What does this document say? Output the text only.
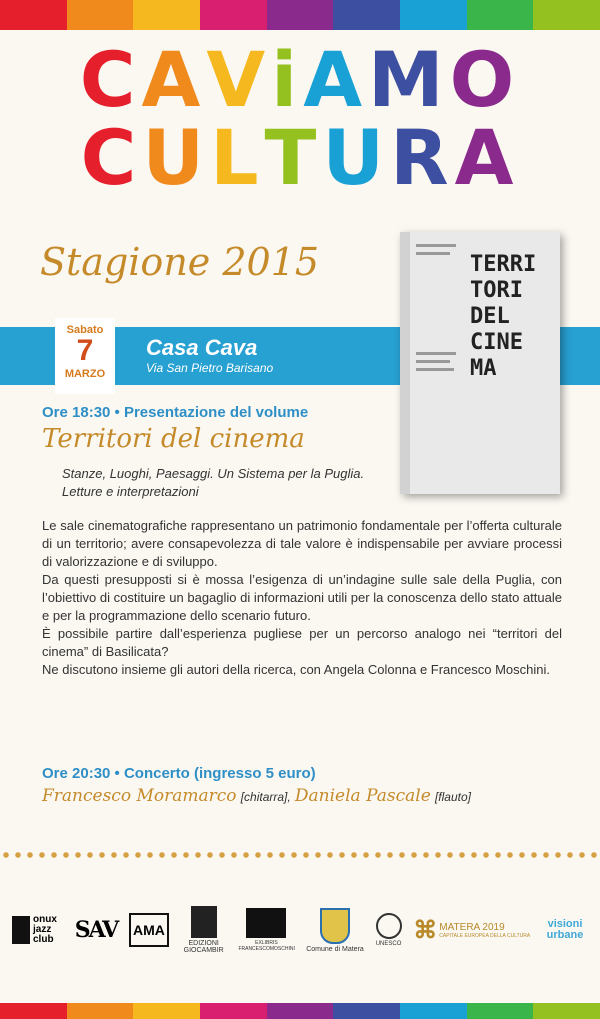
CAViAMO
CULTURA
Stagione 2015
Sabato
7
MARZO
Casa Cava
Via San Pietro Barisano
TERRI
TORI
DEL
CINE
MA
Ore 18:30 • Presentazione del volume
Territori del cinema
Stanze, Luoghi, Paesaggi. Un Sistema per la Puglia.
Letture e interpretazioni

Le sale cinematografiche rappresentano un patrimonio fondamentale per l’offerta culturale di un territorio; avere consapevolezza di tale valore è indispensabile per avviare processi di valorizzazione e di sviluppo.

Da questi presupposti si è mossa l’esigenza di un’indagine sulle sale della Puglia, con l’obiettivo di costituire un bagaglio di informazioni utili per la conoscenza dello stato attuale e per la programmazione dello scenario futuro.

È possibile partire dall’esperienza pugliese per un percorso analogo nei “territori del cinema” di Basilicata?

Ne discutono insieme gli autori della ricerca, con Angela Colonna e Francesco Moschini.

Ore 20:30 • Concerto (ingresso 5 euro)
Francesco Moramarco [chitarra], Daniela Pascale [flauto]
onux jazz club SAV AMA
EDIZIONI GIOCAMBIR
EXLIBRIS FRANCESCOMOSCHINI Comune di Matera
UNESCO
⌘ MATERA 2019
CAPITALE EUROPEA DELLA CULTURA
visioni urbane
